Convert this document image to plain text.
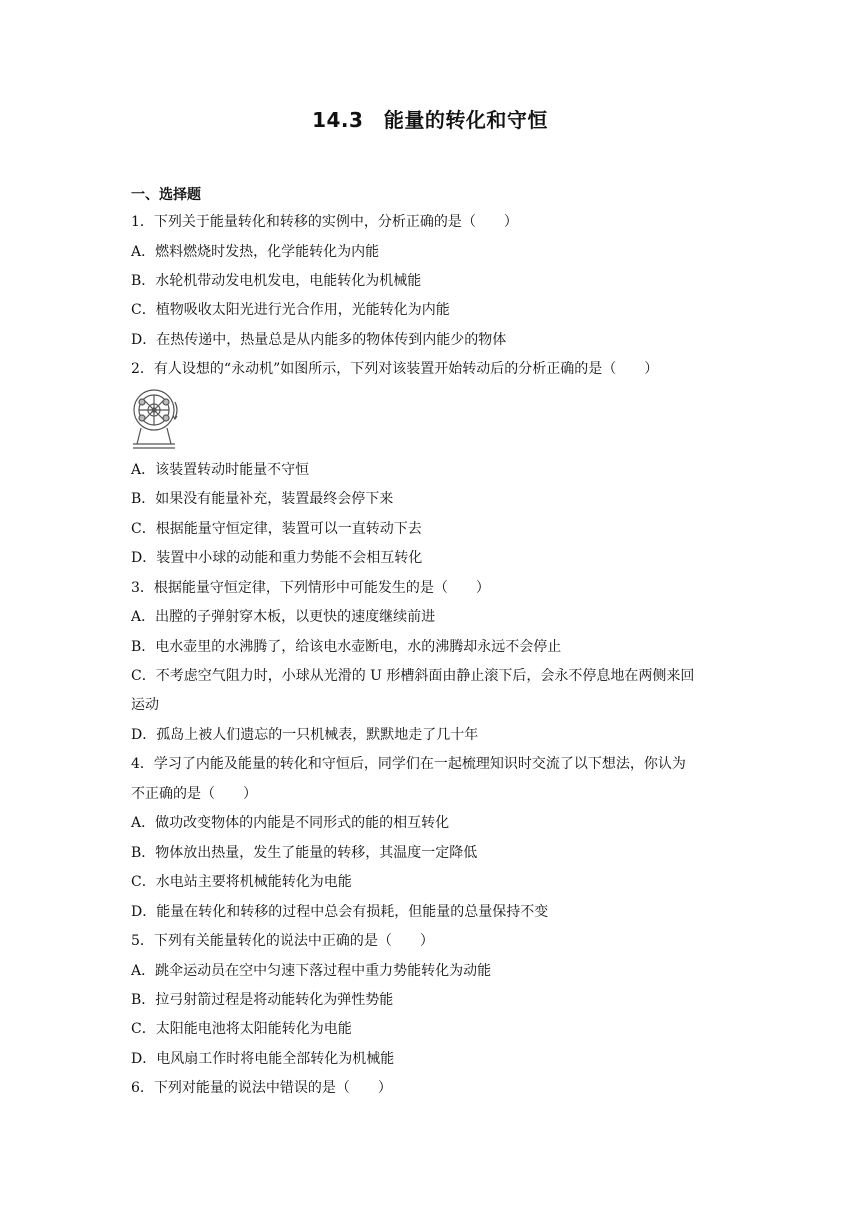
14.3　能量的转化和守恒
一、选择题
1．下列关于能量转化和转移的实例中，分析正确的是（　　）
A．燃料燃烧时发热，化学能转化为内能
B．水轮机带动发电机发电，电能转化为机械能
C．植物吸收太阳光进行光合作用，光能转化为内能
D．在热传递中，热量总是从内能多的物体传到内能少的物体
2．有人设想的“永动机”如图所示，下列对该装置开始转动后的分析正确的是（　　）
A．该装置转动时能量不守恒
B．如果没有能量补充，装置最终会停下来
C．根据能量守恒定律，装置可以一直转动下去
D．装置中小球的动能和重力势能不会相互转化
3．根据能量守恒定律，下列情形中可能发生的是（　　）
A．出膛的子弹射穿木板，以更快的速度继续前进
B．电水壶里的水沸腾了，给该电水壶断电，水的沸腾却永远不会停止
C．不考虑空气阻力时，小球从光滑的 U 形槽斜面由静止滚下后，会永不停息地在两侧来回
运动
D．孤岛上被人们遗忘的一只机械表，默默地走了几十年
4．学习了内能及能量的转化和守恒后，同学们在一起梳理知识时交流了以下想法，你认为
不正确的是（　　）
A．做功改变物体的内能是不同形式的能的相互转化
B．物体放出热量，发生了能量的转移，其温度一定降低
C．水电站主要将机械能转化为电能
D．能量在转化和转移的过程中总会有损耗，但能量的总量保持不变
5．下列有关能量转化的说法中正确的是（　　）
A．跳伞运动员在空中匀速下落过程中重力势能转化为动能
B．拉弓射箭过程是将动能转化为弹性势能
C．太阳能电池将太阳能转化为电能
D．电风扇工作时将电能全部转化为机械能
6．下列对能量的说法中错误的是（　　）
